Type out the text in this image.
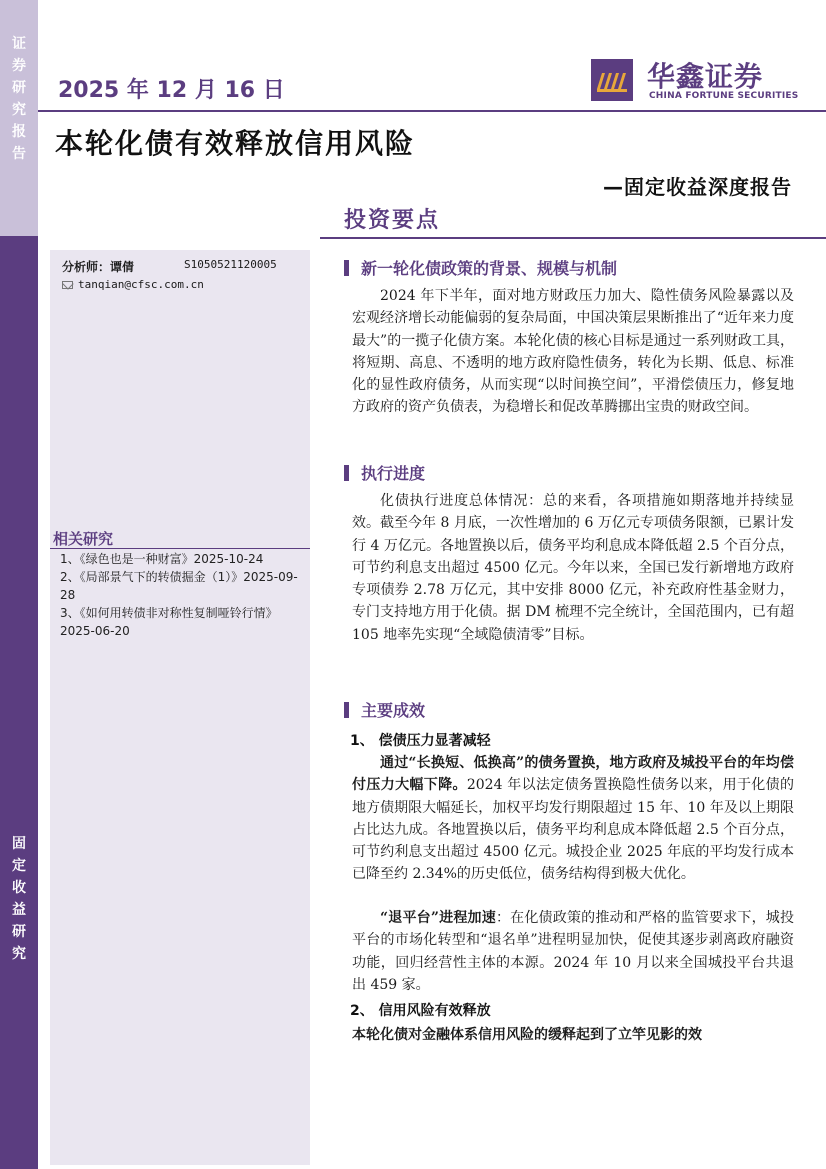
证
券
研
究
报
告
固
定
收
益
研
究
2025 年 12 月 16 日	华鑫证券
CHINA FORTUNE SECURITIES
本轮化债有效释放信用风险
—固定收益深度报告
投资要点
分析师：谭倩	S1050521120005
tanqian@cfsc.com.cn
相关研究
1、《绿色也是一种财富》2025-10-24
2、《局部景气下的转债掘金（1）》2025-09-28
3、《如何用转债非对称性复制哑铃行情》2025-06-20
新一轮化债政策的背景、规模与机制
2024 年下半年，面对地方财政压力加大、隐性债务风险暴露以及宏观经济增长动能偏弱的复杂局面，中国决策层果断推出了“近年来力度最大”的一揽子化债方案。本轮化债的核心目标是通过一系列财政工具，将短期、高息、不透明的地方政府隐性债务，转化为长期、低息、标准化的显性政府债务，从而实现“以时间换空间”，平滑偿债压力，修复地方政府的资产负债表，为稳增长和促改革腾挪出宝贵的财政空间。
执行进度
化债执行进度总体情况：总的来看，各项措施如期落地并持续显效。截至今年 8 月底，一次性增加的 6 万亿元专项债务限额，已累计发行 4 万亿元。各地置换以后，债务平均利息成本降低超 2.5 个百分点，可节约利息支出超过 4500 亿元。今年以来，全国已发行新增地方政府专项债券 2.78 万亿元，其中安排 8000 亿元，补充政府性基金财力，专门支持地方用于化债。据 DM 梳理不完全统计，全国范围内，已有超 105 地率先实现“全域隐债清零”目标。
主要成效
1、 偿债压力显著减轻
通过“长换短、低换高”的债务置换，地方政府及城投平台的年均偿付压力大幅下降。2024 年以法定债务置换隐性债务以来，用于化债的地方债期限大幅延长，加权平均发行期限超过 15 年、10 年及以上期限占比达九成。各地置换以后，债务平均利息成本降低超 2.5 个百分点，可节约利息支出超过 4500 亿元。城投企业 2025 年底的平均发行成本已降至约 2.34%的历史低位，债务结构得到极大优化。
“退平台”进程加速：在化债政策的推动和严格的监管要求下，城投平台的市场化转型和“退名单”进程明显加快，促使其逐步剥离政府融资功能，回归经营性主体的本源。2024 年 10 月以来全国城投平台共退出 459 家。
2、 信用风险有效释放
本轮化债对金融体系信用风险的缓释起到了立竿见影的效
